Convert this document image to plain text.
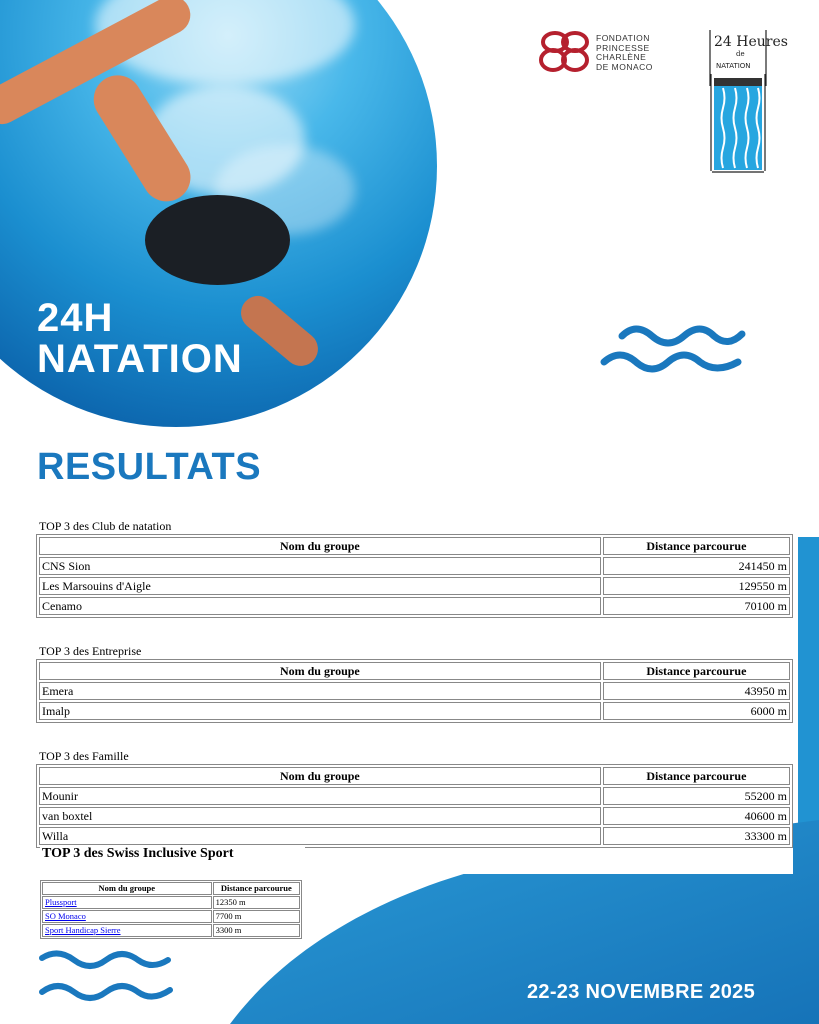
24H
NATATION
FONDATION
PRINCESSE
CHARLÈNE
DE MONACO
24 Heures
de
NATATION
RESULTATS
TOP 3 des Club de natation
Nom du groupe	Distance parcourue
CNS Sion	241450 m
Les Marsouins d'Aigle	129550 m
Cenamo	70100 m
TOP 3 des Entreprise
Nom du groupe	Distance parcourue
Emera	43950 m
Imalp	6000 m
TOP 3 des Famille
Nom du groupe	Distance parcourue
Mounir	55200 m
van boxtel	40600 m
Willa	33300 m
TOP 3 des Swiss Inclusive Sport
Nom du groupe	Distance parcourue
Plussport	12350 m
SO Monaco	7700 m
Sport Handicap Sierre	3300 m
22-23 NOVEMBRE 2025
